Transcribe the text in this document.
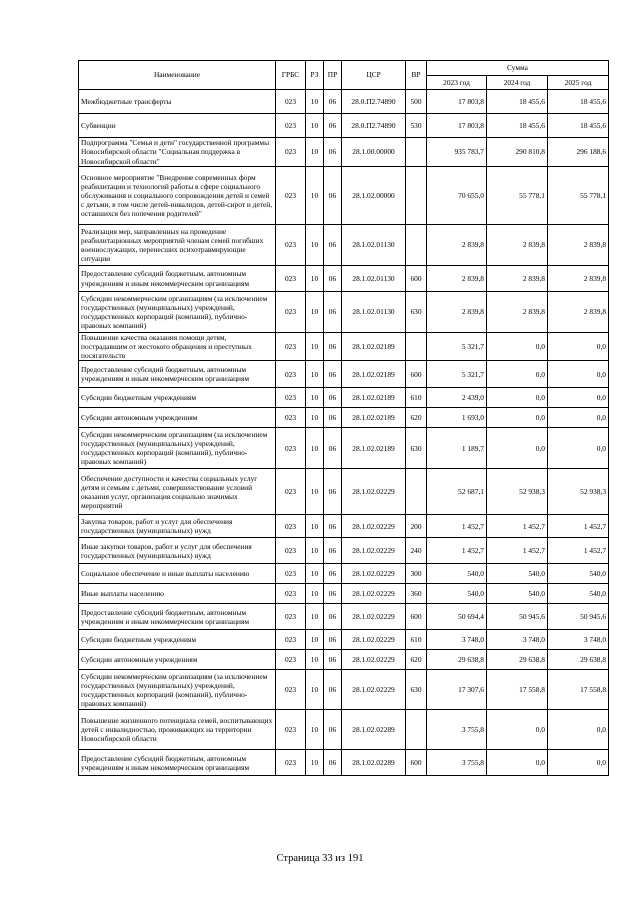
Наименование	ГРБС	РЗ	ПР	ЦСР	ВР	Сумма		
						2023 год	2024 год	2025 год
Межбюджетные трансферты	023	10	06	28.0.П2.74890	500	17 803,8	18 455,6	18 455,6
Субвенции	023	10	06	28.0.П2.74890	530	17 803,8	18 455,6	18 455,6
Подпрограмма "Семья и дети" государственной программы Новосибирской области "Социальная поддержка в Новосибирской области"	023	10	06	28.1.00.00000		935 783,7	290 810,8	296 188,6
Основное мероприятие "Внедрение современных форм реабилитации и технологий работы в сфере социального обслуживания и социального сопровождения детей и семей с детьми, в том числе детей-инвалидов, детей-сирот и детей, оставшихся без попечения родителей"	023	10	06	28.1.02.00000		70 655,0	55 778,1	55 778,1
Реализация мер, направленных на проведение реабилитационных мероприятий членам семей погибших военнослужащих, перенесших психотравмирующие ситуации	023	10	06	28.1.02.01130		2 839,8	2 839,8	2 839,8
Предоставление субсидий бюджетным, автономным учреждениям и иным некоммерческим организациям	023	10	06	28.1.02.01130	600	2 839,8	2 839,8	2 839,8
Субсидии некоммерческим организациям (за исключением государственных (муниципальных) учреждений, государственных корпораций (компаний), публично-правовых компаний)	023	10	06	28.1.02.01130	630	2 839,8	2 839,8	2 839,8
Повышение качества оказания помощи детям, пострадавшим от жестокого обращения и преступных посягательств	023	10	06	28.1.02.02189		5 321,7	0,0	0,0
Предоставление субсидий бюджетным, автономным учреждениям и иным некоммерческим организациям	023	10	06	28.1.02.02189	600	5 321,7	0,0	0,0
Субсидии бюджетным учреждениям	023	10	06	28.1.02.02189	610	2 439,0	0,0	0,0
Субсидии автономным учреждениям	023	10	06	28.1.02.02189	620	1 693,0	0,0	0,0
Субсидии некоммерческим организациям (за исключением государственных (муниципальных) учреждений, государственных корпораций (компаний), публично-правовых компаний)	023	10	06	28.1.02.02189	630	1 189,7	0,0	0,0
Обеспечение доступности и качества социальных услуг детям и семьям с детьми, совершенствование условий оказания услуг, организация социально значимых мероприятий	023	10	06	28.1.02.02229		52 687,1	52 938,3	52 938,3
Закупка товаров, работ и услуг для обеспечения государственных (муниципальных) нужд	023	10	06	28.1.02.02229	200	1 452,7	1 452,7	1 452,7
Иные закупки товаров, работ и услуг для обеспечения государственных (муниципальных) нужд	023	10	06	28.1.02.02229	240	1 452,7	1 452,7	1 452,7
Социальное обеспечение и иные выплаты населению	023	10	06	28.1.02.02229	300	540,0	540,0	540,0
Иные выплаты населению	023	10	06	28.1.02.02229	360	540,0	540,0	540,0
Предоставление субсидий бюджетным, автономным учреждениям и иным некоммерческим организациям	023	10	06	28.1.02.02229	600	50 694,4	50 945,6	50 945,6
Субсидии бюджетным учреждениям	023	10	06	28.1.02.02229	610	3 748,0	3 748,0	3 748,0
Субсидии автономным учреждениям	023	10	06	28.1.02.02229	620	29 638,8	29 638,8	29 638,8
Субсидии некоммерческим организациям (за исключением государственных (муниципальных) учреждений, государственных корпораций (компаний), публично-правовых компаний)	023	10	06	28.1.02.02229	630	17 307,6	17 558,8	17 558,8
Повышение жизненного потенциала семей, воспитывающих детей с инвалидностью, проживающих на территории Новосибирской области	023	10	06	28.1.02.02289		3 755,8	0,0	0,0
Предоставление субсидий бюджетным, автономным учреждениям и иным некоммерческим организациям	023	10	06	28.1.02.02289	600	3 755,8	0,0	0,0
Страница 33 из 191
